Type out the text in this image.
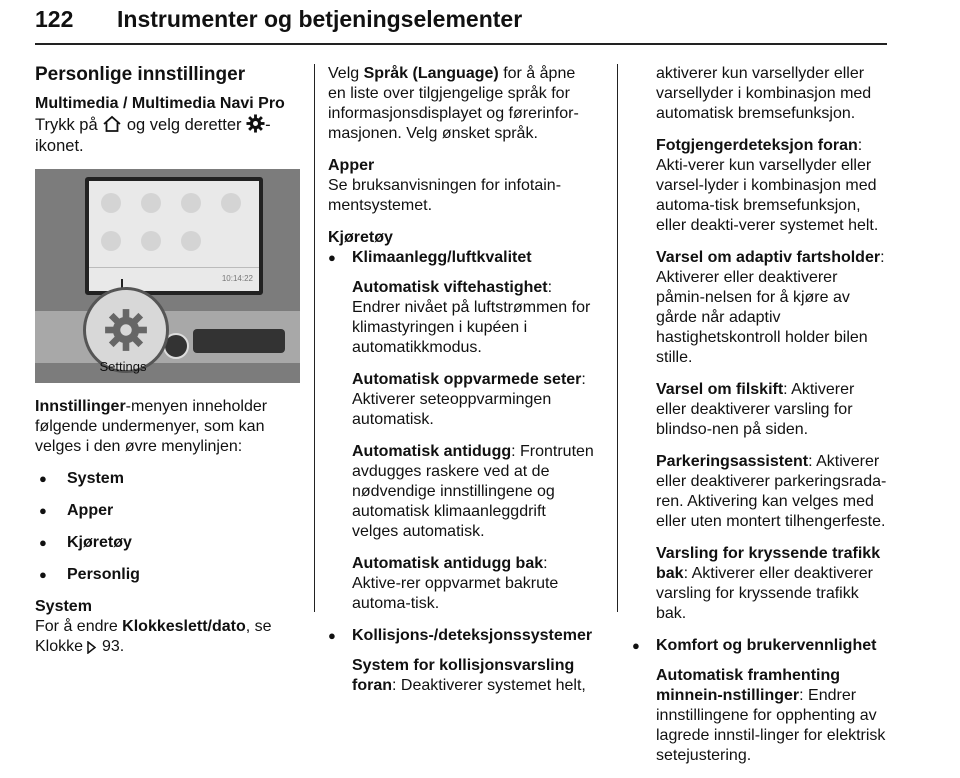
122 Instrumenter og betjeningselementer
Personlige innstillinger
Multimedia / Multimedia Navi Pro

Trykk på og velg deretter -ikonet.

10:14:22
Settings

Innstillinger-menyen inneholder følgende undermenyer, som kan velges i den øvre menylinjen:

● System
● Apper
● Kjøretøy
● Personlig
System

For å endre Klokkeslett/dato, se Klokke 93.

Velg Språk (Language) for å åpne en liste over tilgjengelige språk for informasjonsdisplayet og førerinfor-masjonen. Velg ønsket språk.

Apper

Se bruksanvisningen for infotain-mentsystemet.

Kjøretøy
● Klimaanlegg/luftkvalitet

Automatisk viftehastighet: Endrer nivået på luftstrømmen for klimastyringen i kupéen i automatikkmodus.

Automatisk oppvarmede seter: Aktiverer seteoppvarmingen automatisk.

Automatisk antidugg: Frontruten avdugges raskere ved at de nødvendige innstillingene og automatisk klimaanleggdrift velges automatisk.

Automatisk antidugg bak: Aktive-rer oppvarmet bakrute automa-tisk.

● Kollisjons-/deteksjonssystemer

System for kollisjonsvarsling foran: Deaktiverer systemet helt,

aktiverer kun varsellyder eller varsellyder i kombinasjon med automatisk bremsefunksjon.

Fotgjengerdeteksjon foran: Akti-verer kun varsellyder eller varsel-lyder i kombinasjon med automa-tisk bremsefunksjon, eller deakti-verer systemet helt.

Varsel om adaptiv fartsholder: Aktiverer eller deaktiverer påmin-nelsen for å kjøre av gårde når adaptiv hastighetskontroll holder bilen stille.

Varsel om filskift: Aktiverer eller deaktiverer varsling for blindso-nen på siden.

Parkeringsassistent: Aktiverer eller deaktiverer parkeringsrada-ren. Aktivering kan velges med eller uten montert tilhengerfeste.

Varsling for kryssende trafikk bak: Aktiverer eller deaktiverer varsling for kryssende trafikk bak.

● Komfort og brukervennlighet

Automatisk framhenting minnein-nstillinger: Endrer innstillingene for opphenting av lagrede innstil-linger for elektrisk setejustering.
